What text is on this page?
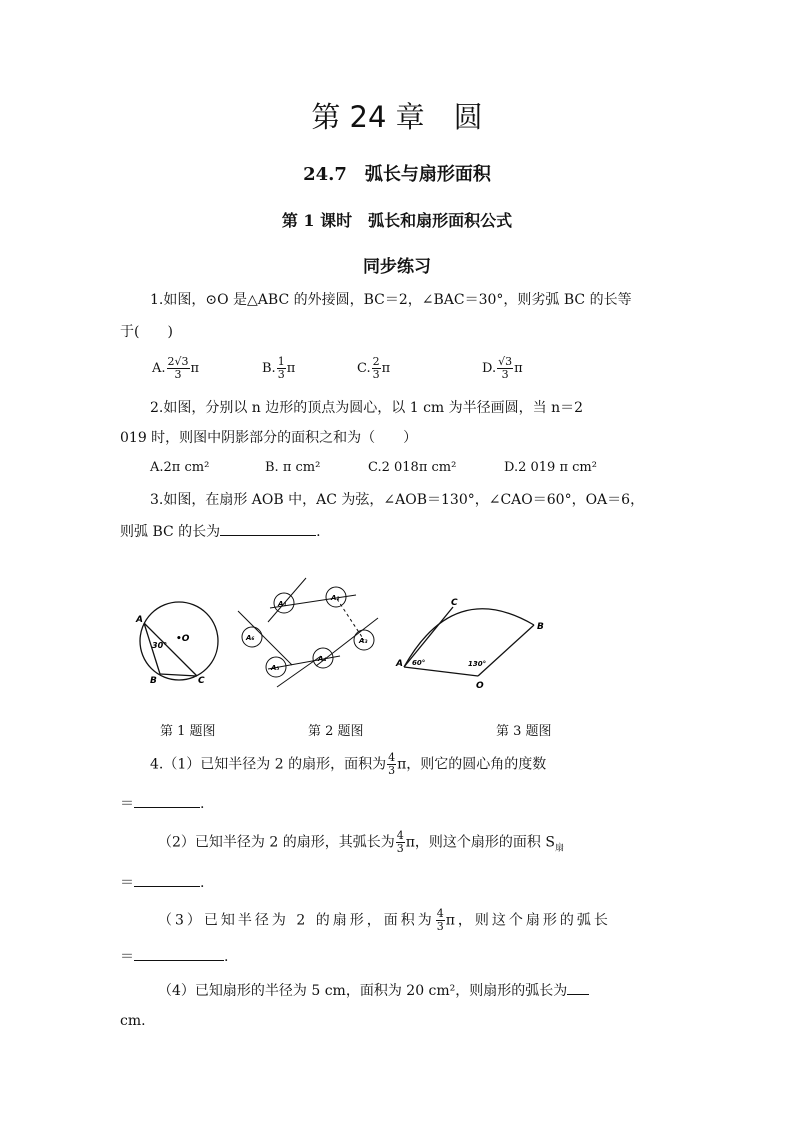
第 24 章　圆
24.7　弧长与扇形面积
第 1 课时　弧长和扇形面积公式
同步练习
1.如图，⊙O 是△ABC 的外接圆，BC＝2，∠BAC＝30°，则劣弧 BC 的长等
于(　　)
A. $\frac{2√3}{3}$ π	B. $\frac{1}{3}$ π	C. $\frac{2}{3}$ π	D. $\frac{√3}{3}$ π
2.如图，分别以 n 边形的顶点为圆心，以 1 cm 为半径画圆，当 n＝2
019 时，则图中阴影部分的面积之和为（　　）
A.2π cm²	B. π cm²	C.2 018π cm²	D.2 019 π cm²
3.如图，在扇形 AOB 中，AC 为弦，∠AOB＝130°，∠CAO＝60°，OA＝6，
则弧 BC 的长为	.
A
B	C
•O
30°
A₁
A₂
A₃
A₄
A₅
A₆
A
B
C
O
60°	130°
第 1 题图	第 2 题图	第 3 题图
4.（1）已知半径为 2 的扇形，面积为 $\frac{4}{3}$ π，则它的圆心角的度数
＝	.
（2）已知半径为 2 的扇形，其弧长为 $\frac{4}{3}$ π，则这个扇形的面积 $S_扇$
＝	.
（3）已知半径为 2 的扇形，面积为 $\frac{4}{3}$ π，则这个扇形的弧长
＝	.
（4）已知扇形的半径为 5 cm，面积为 20 cm²，则扇形的弧长为
cm.
